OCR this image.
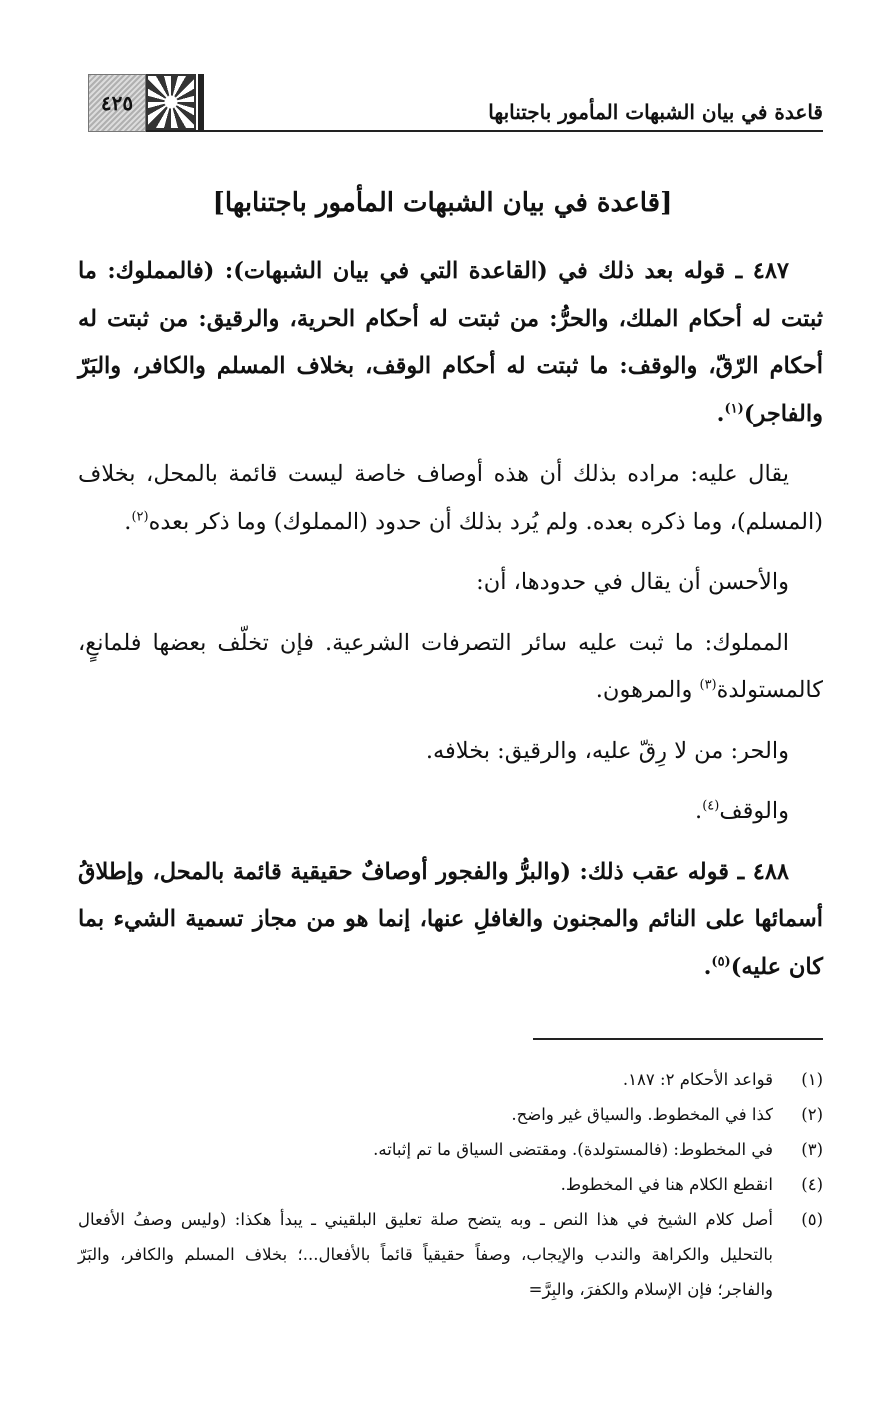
قاعدة في بيان الشبهات المأمور باجتنابها
٤٢٥
[قاعدة في بيان الشبهات المأمور باجتنابها]

٤٨٧ ـ قوله بعد ذلك في (القاعدة التي في بيان الشبهات): (فالمملوك: ما ثبتت له أحكام الملك، والحرُّ: من ثبتت له أحكام الحرية، والرقيق: من ثبتت له أحكام الرّقّ، والوقف: ما ثبتت له أحكام الوقف، بخلاف المسلم والكافر، والبَرّ والفاجر)$^{(١)}$.

يقال عليه: مراده بذلك أن هذه أوصاف خاصة ليست قائمة بالمحل، بخلاف (المسلم)، وما ذكره بعده. ولم يُرد بذلك أن حدود (المملوك) وما ذكر بعده$^{(٢)}$.

والأحسن أن يقال في حدودها، أن:

المملوك: ما ثبت عليه سائر التصرفات الشرعية. فإن تخلّف بعضها فلمانعٍ، كالمستولدة$^{(٣)}$ والمرهون.

والحر: من لا رِقّ عليه، والرقيق: بخلافه.

والوقف$^{(٤)}$.

٤٨٨ ـ قوله عقب ذلك: (والبرُّ والفجور أوصافٌ حقيقية قائمة بالمحل، وإطلاقُ أسمائها على النائم والمجنون والغافلِ عنها، إنما هو من مجاز تسمية الشيء بما كان عليه)$^{(٥)}$.

(١)
قواعد الأحكام ٢: ١٨٧.
(٢)
كذا في المخطوط. والسياق غير واضح.
(٣)
في المخطوط: (فالمستولدة). ومقتضى السياق ما تم إثباته.
(٤)
انقطع الكلام هنا في المخطوط.
(٥)
أصل كلام الشيخ في هذا النص ـ وبه يتضح صلة تعليق البلقيني ـ يبدأ هكذا: (وليس وصفُ الأفعال بالتحليل والكراهة والندب والإيجاب، وصفاً حقيقياً قائماً بالأفعال...؛ بخلاف المسلم والكافر، والبَرّ والفاجر؛ فإن الإسلام والكفرَ، والبِرَّ=
